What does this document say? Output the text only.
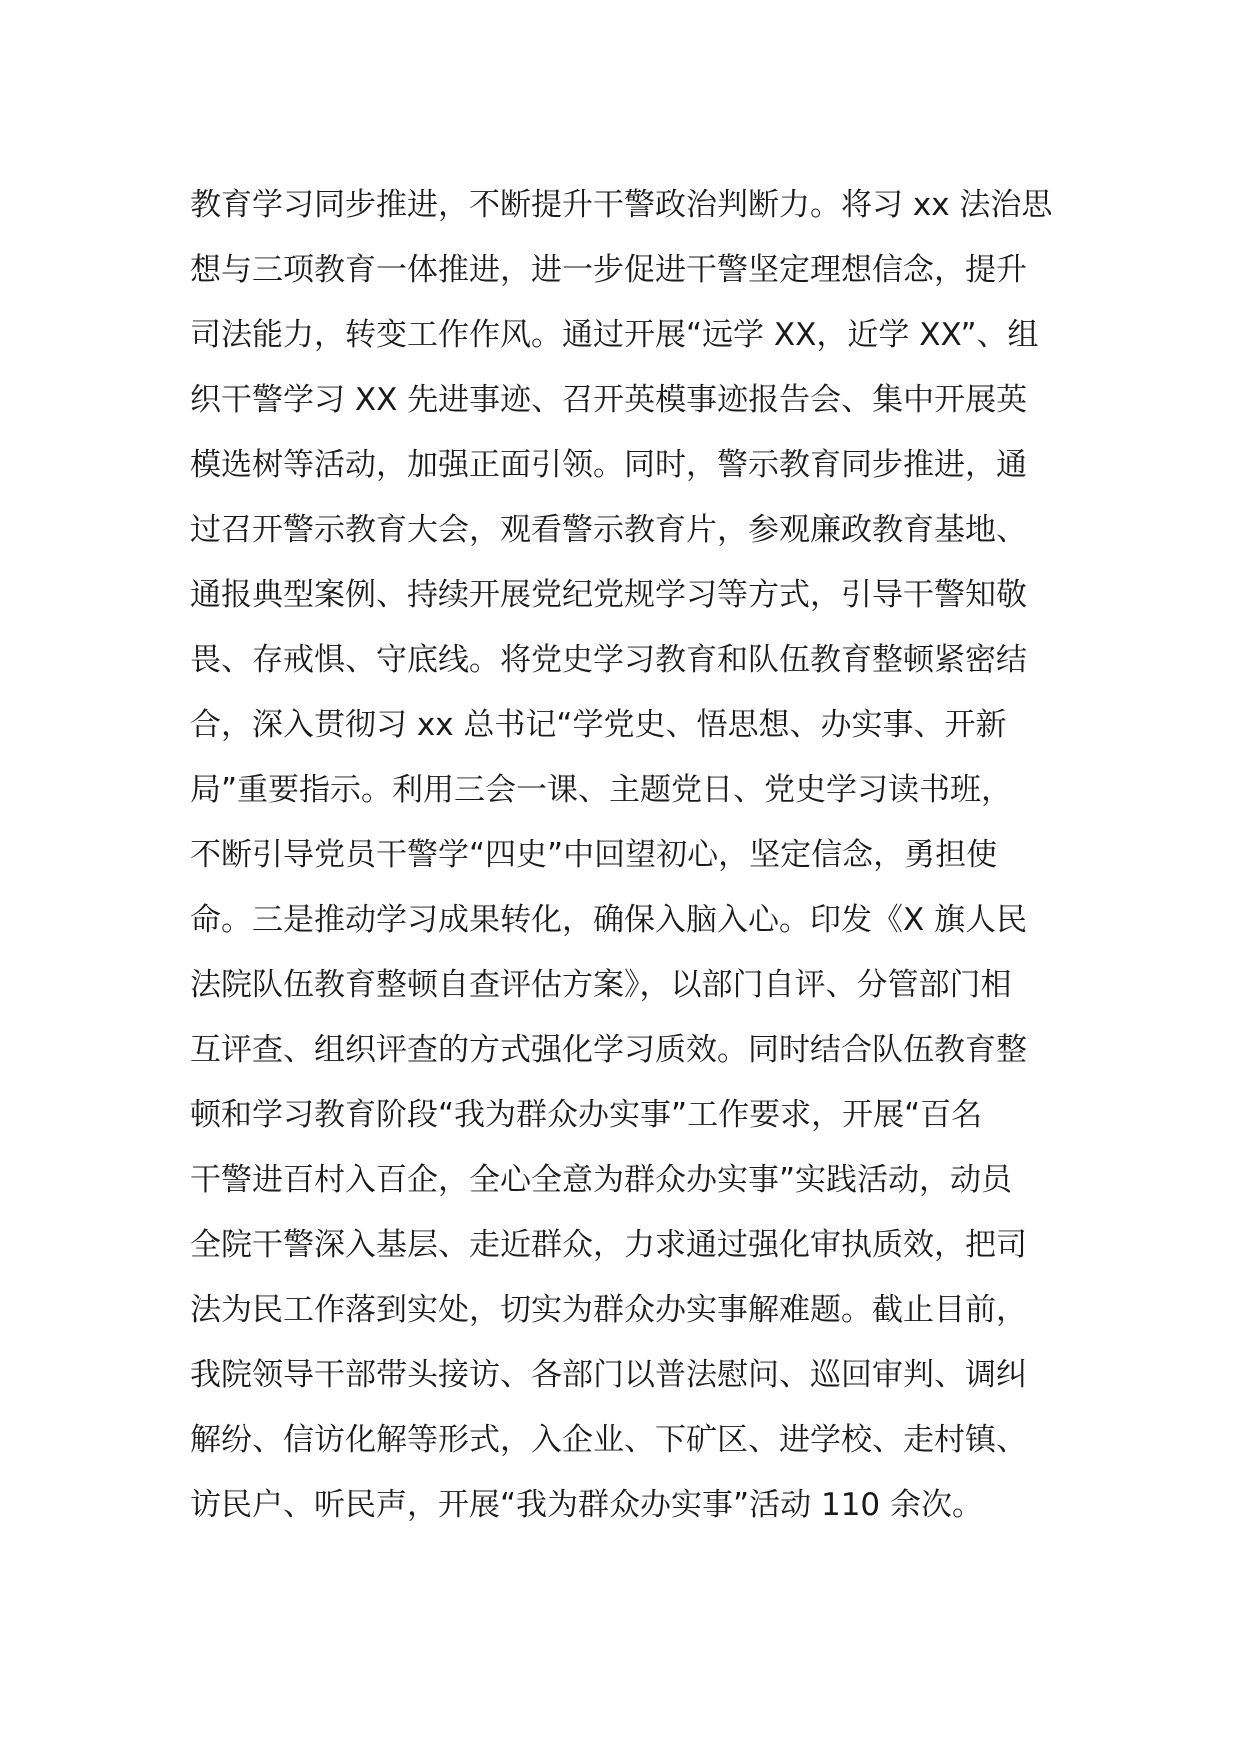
教育学习同步推进，不断提升干警政治判断力。将习 xx 法治思
想与三项教育一体推进，进一步促进干警坚定理想信念，提升
司法能力，转变工作作风。通过开展“远学 XX，近学 XX”、组
织干警学习 XX 先进事迹、召开英模事迹报告会、集中开展英
模选树等活动，加强正面引领。同时，警示教育同步推进，通
过召开警示教育大会，观看警示教育片，参观廉政教育基地、
通报典型案例、持续开展党纪党规学习等方式，引导干警知敬
畏、存戒惧、守底线。将党史学习教育和队伍教育整顿紧密结
合，深入贯彻习 xx 总书记“学党史、悟思想、办实事、开新
局”重要指示。利用三会一课、主题党日、党史学习读书班，
不断引导党员干警学“四史”中回望初心，坚定信念，勇担使
命。三是推动学习成果转化，确保入脑入心。印发《X 旗人民
法院队伍教育整顿自查评估方案》，以部门自评、分管部门相
互评查、组织评查的方式强化学习质效。同时结合队伍教育整
顿和学习教育阶段“我为群众办实事”工作要求，开展“百名
干警进百村入百企，全心全意为群众办实事”实践活动，动员
全院干警深入基层、走近群众，力求通过强化审执质效，把司
法为民工作落到实处，切实为群众办实事解难题。截止目前，
我院领导干部带头接访、各部门以普法慰问、巡回审判、调纠
解纷、信访化解等形式，入企业、下矿区、进学校、走村镇、
访民户、听民声，开展“我为群众办实事”活动 110 余次。
